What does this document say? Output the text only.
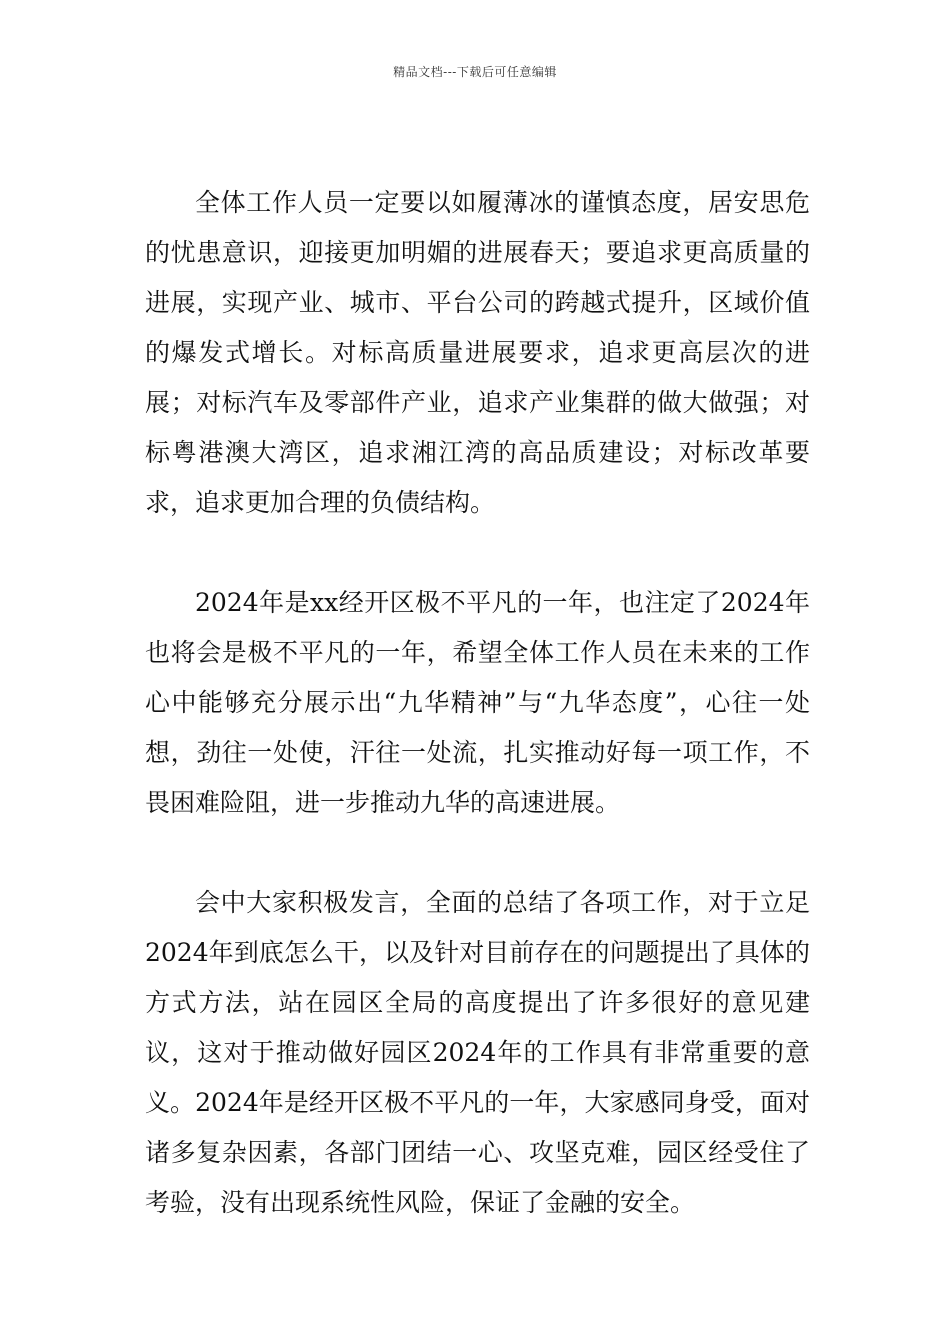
精品文档---下载后可任意编辑

全体工作人员一定要以如履薄冰的谨慎态度，居安思危的忧患意识，迎接更加明媚的进展春天；要追求更高质量的进展，实现产业、城市、平台公司的跨越式提升，区域价值的爆发式增长。对标高质量进展要求，追求更高层次的进展；对标汽车及零部件产业，追求产业集群的做大做强；对标粤港澳大湾区，追求湘江湾的高品质建设；对标改革要求，追求更加合理的负债结构。

2024年是xx经开区极不平凡的一年，也注定了2024年也将会是极不平凡的一年，希望全体工作人员在未来的工作心中能够充分展示出“九华精神”与“九华态度”，心往一处想，劲往一处使，汗往一处流，扎实推动好每一项工作，不畏困难险阻，进一步推动九华的高速进展。

会中大家积极发言，全面的总结了各项工作，对于立足2024年到底怎么干，以及针对目前存在的问题提出了具体的方式方法，站在园区全局的高度提出了许多很好的意见建议，这对于推动做好园区2024年的工作具有非常重要的意义。2024年是经开区极不平凡的一年，大家感同身受，面对诸多复杂因素，各部门团结一心、攻坚克难，园区经受住了考验，没有出现系统性风险，保证了金融的安全。
